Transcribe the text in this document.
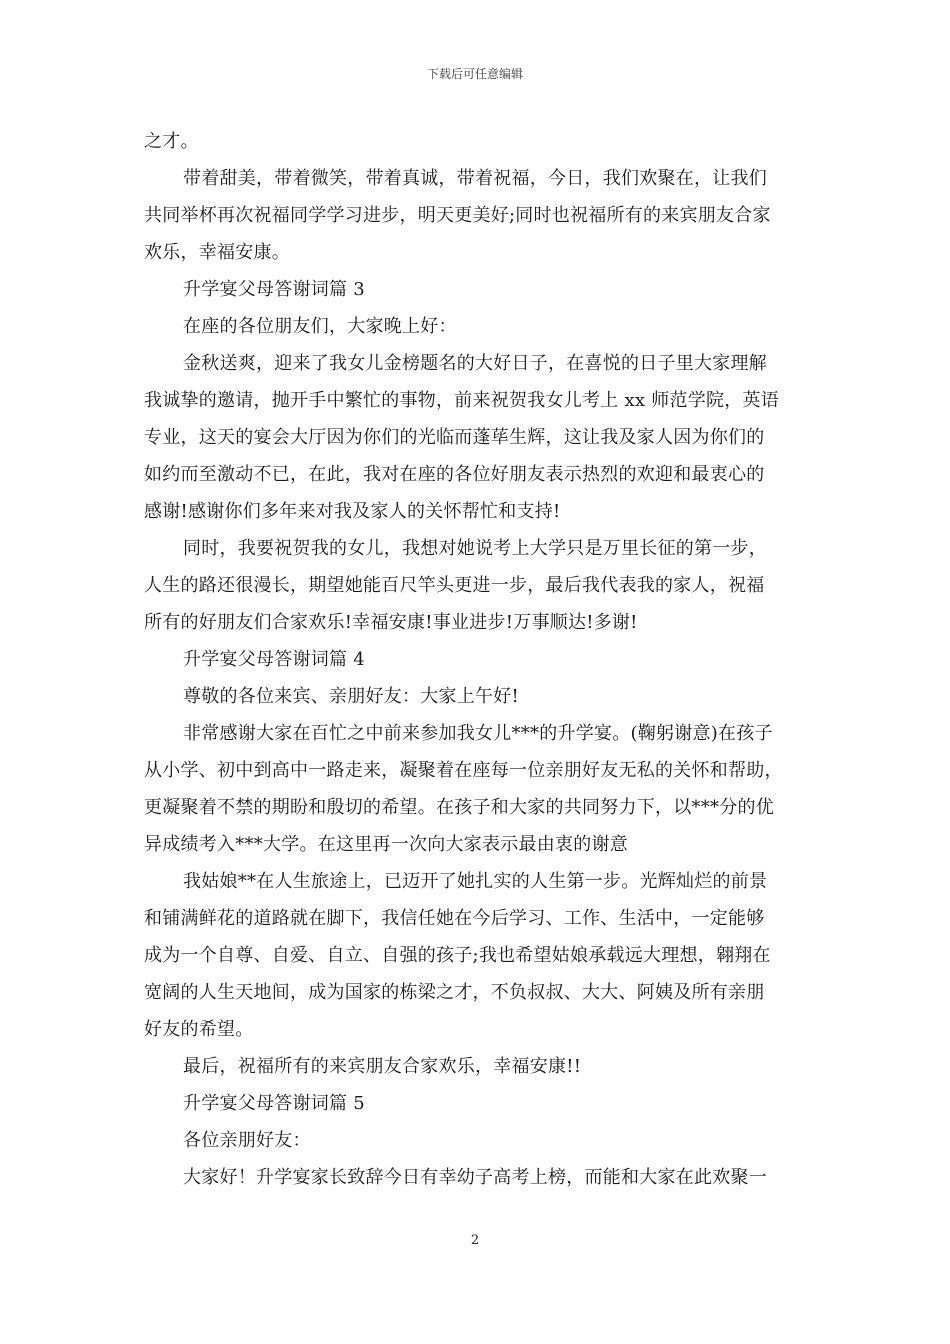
下载后可任意编辑
之才。
带着甜美，带着微笑，带着真诚，带着祝福，今日，我们欢聚在，让我们
共同举杯再次祝福同学学习进步，明天更美好;同时也祝福所有的来宾朋友合家
欢乐，幸福安康。
升学宴父母答谢词篇 3
在座的各位朋友们，大家晚上好：
金秋送爽，迎来了我女儿金榜题名的大好日子，在喜悦的日子里大家理解
我诚挚的邀请，抛开手中繁忙的事物，前来祝贺我女儿考上 xx 师范学院，英语
专业，这天的宴会大厅因为你们的光临而蓬荜生辉，这让我及家人因为你们的
如约而至激动不已，在此，我对在座的各位好朋友表示热烈的欢迎和最衷心的
感谢!感谢你们多年来对我及家人的关怀帮忙和支持!
同时，我要祝贺我的女儿，我想对她说考上大学只是万里长征的第一步，
人生的路还很漫长，期望她能百尺竿头更进一步，最后我代表我的家人，祝福
所有的好朋友们合家欢乐!幸福安康!事业进步!万事顺达!多谢!
升学宴父母答谢词篇 4
尊敬的各位来宾、亲朋好友：大家上午好!
非常感谢大家在百忙之中前来参加我女儿***的升学宴。(鞠躬谢意)在孩子
从小学、初中到高中一路走来，凝聚着在座每一位亲朋好友无私的关怀和帮助，
更凝聚着不禁的期盼和殷切的希望。在孩子和大家的共同努力下，以***分的优
异成绩考入***大学。在这里再一次向大家表示最由衷的谢意
我姑娘**在人生旅途上，已迈开了她扎实的人生第一步。光辉灿烂的前景
和铺满鲜花的道路就在脚下，我信任她在今后学习、工作、生活中，一定能够
成为一个自尊、自爱、自立、自强的孩子;我也希望姑娘承载远大理想，翱翔在
宽阔的人生天地间，成为国家的栋梁之才，不负叔叔、大大、阿姨及所有亲朋
好友的希望。
最后，祝福所有的来宾朋友合家欢乐，幸福安康!!
升学宴父母答谢词篇 5
各位亲朋好友：
大家好！升学宴家长致辞今日有幸幼子高考上榜，而能和大家在此欢聚一
2
